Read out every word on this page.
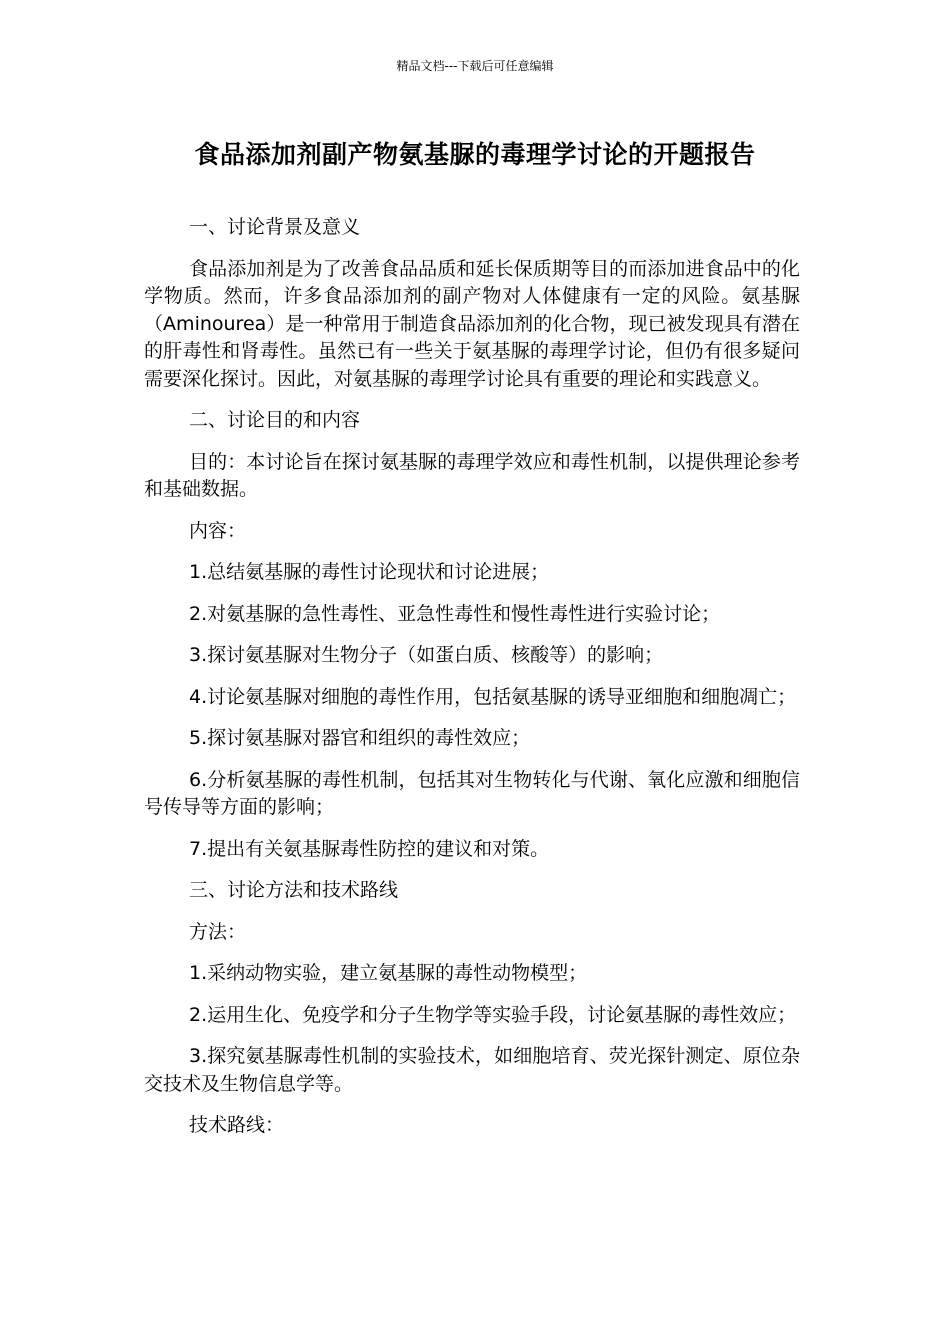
精品文档---下载后可任意编辑
食品添加剂副产物氨基脲的毒理学讨论的开题报告

一、讨论背景及意义

食品添加剂是为了改善食品品质和延长保质期等目的而添加进食品中的化学物质。然而，许多食品添加剂的副产物对人体健康有一定的风险。氨基脲（Aminourea）是一种常用于制造食品添加剂的化合物，现已被发现具有潜在的肝毒性和肾毒性。虽然已有一些关于氨基脲的毒理学讨论，但仍有很多疑问需要深化探讨。因此，对氨基脲的毒理学讨论具有重要的理论和实践意义。

二、讨论目的和内容

目的：本讨论旨在探讨氨基脲的毒理学效应和毒性机制，以提供理论参考和基础数据。

内容：

1.总结氨基脲的毒性讨论现状和讨论进展；

2.对氨基脲的急性毒性、亚急性毒性和慢性毒性进行实验讨论；

3.探讨氨基脲对生物分子（如蛋白质、核酸等）的影响；

4.讨论氨基脲对细胞的毒性作用，包括氨基脲的诱导亚细胞和细胞凋亡；

5.探讨氨基脲对器官和组织的毒性效应；

6.分析氨基脲的毒性机制，包括其对生物转化与代谢、氧化应激和细胞信号传导等方面的影响；

7.提出有关氨基脲毒性防控的建议和对策。

三、讨论方法和技术路线

方法：

1.采纳动物实验，建立氨基脲的毒性动物模型；

2.运用生化、免疫学和分子生物学等实验手段，讨论氨基脲的毒性效应；

3.探究氨基脲毒性机制的实验技术，如细胞培育、荧光探针测定、原位杂交技术及生物信息学等。

技术路线：
